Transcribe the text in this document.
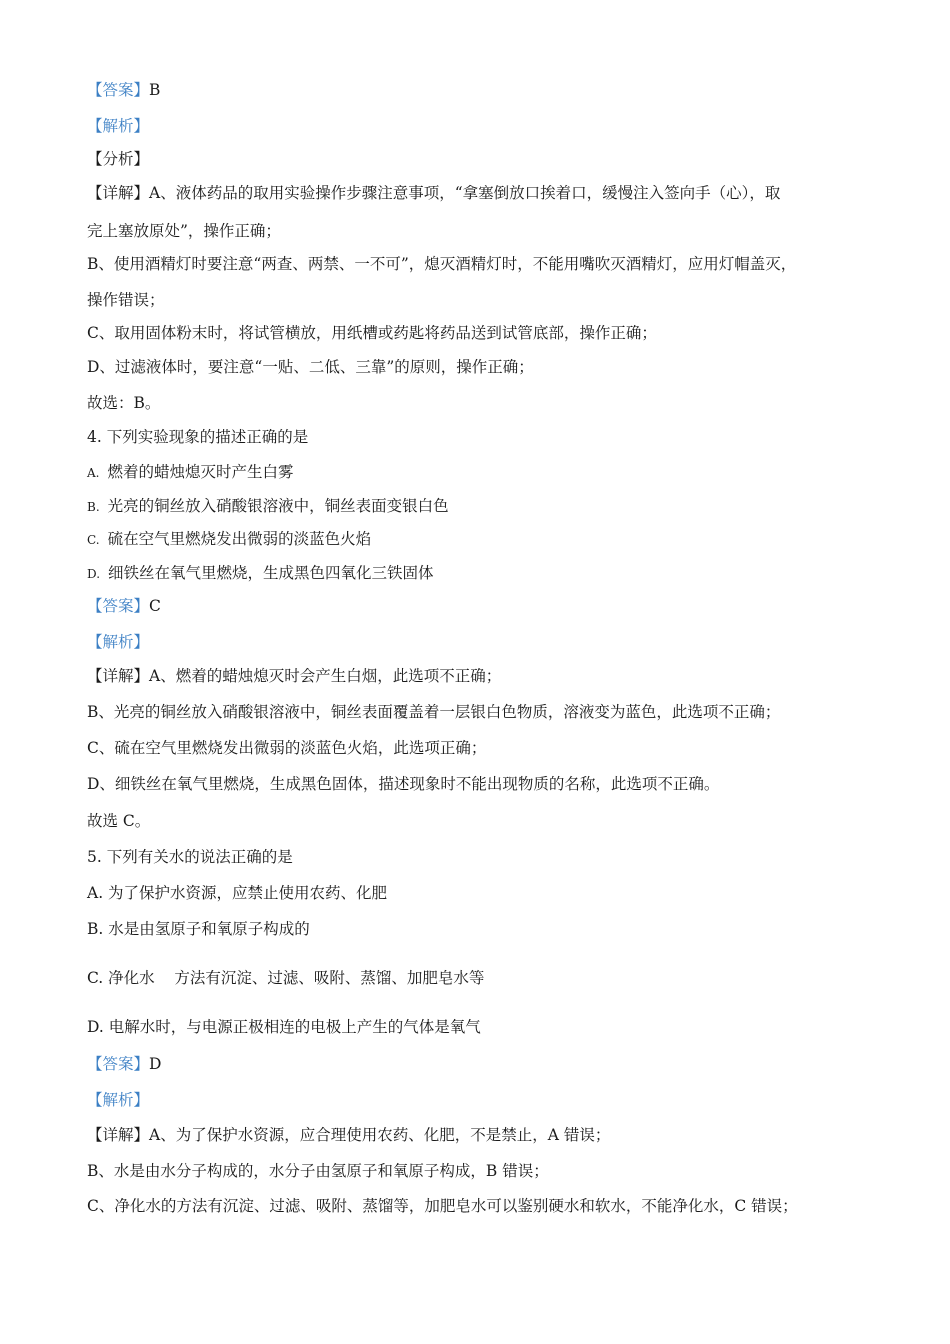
【答案】B
【解析】
【分析】
【详解】A、液体药品的取用实验操作步骤注意事项，“拿塞倒放口挨着口，缓慢注入签向手（心），取
完上塞放原处”，操作正确；
B、使用酒精灯时要注意“两查、两禁、一不可”，熄灭酒精灯时，不能用嘴吹灭酒精灯，应用灯帽盖灭，
操作错误；
C、取用固体粉末时，将试管横放，用纸槽或药匙将药品送到试管底部，操作正确；
D、过滤液体时，要注意“一贴、二低、三靠”的原则，操作正确；
故选：B。
4. 下列实验现象的描述正确的是
A. 燃着的蜡烛熄灭时产生白雾
B. 光亮的铜丝放入硝酸银溶液中，铜丝表面变银白色
C. 硫在空气里燃烧发出微弱的淡蓝色火焰
D. 细铁丝在氧气里燃烧，生成黑色四氧化三铁固体
【答案】C
【解析】
【详解】A、燃着的蜡烛熄灭时会产生白烟，此选项不正确；
B、光亮的铜丝放入硝酸银溶液中，铜丝表面覆盖着一层银白色物质，溶液变为蓝色，此选项不正确；
C、硫在空气里燃烧发出微弱的淡蓝色火焰，此选项正确；
D、细铁丝在氧气里燃烧，生成黑色固体，描述现象时不能出现物质的名称，此选项不正确。
故选 C。
5. 下列有关水的说法正确的是
A. 为了保护水资源，应禁止使用农药、化肥
B. 水是由氢原子和氧原子构成的
C. 净化水    方法有沉淀、过滤、吸附、蒸馏、加肥皂水等
D. 电解水时，与电源正极相连的电极上产生的气体是氧气
【答案】D
【解析】
【详解】A、为了保护水资源，应合理使用农药、化肥，不是禁止，A 错误；
B、水是由水分子构成的，水分子由氢原子和氧原子构成，B 错误；
C、净化水的方法有沉淀、过滤、吸附、蒸馏等，加肥皂水可以鉴别硬水和软水，不能净化水，C 错误；
